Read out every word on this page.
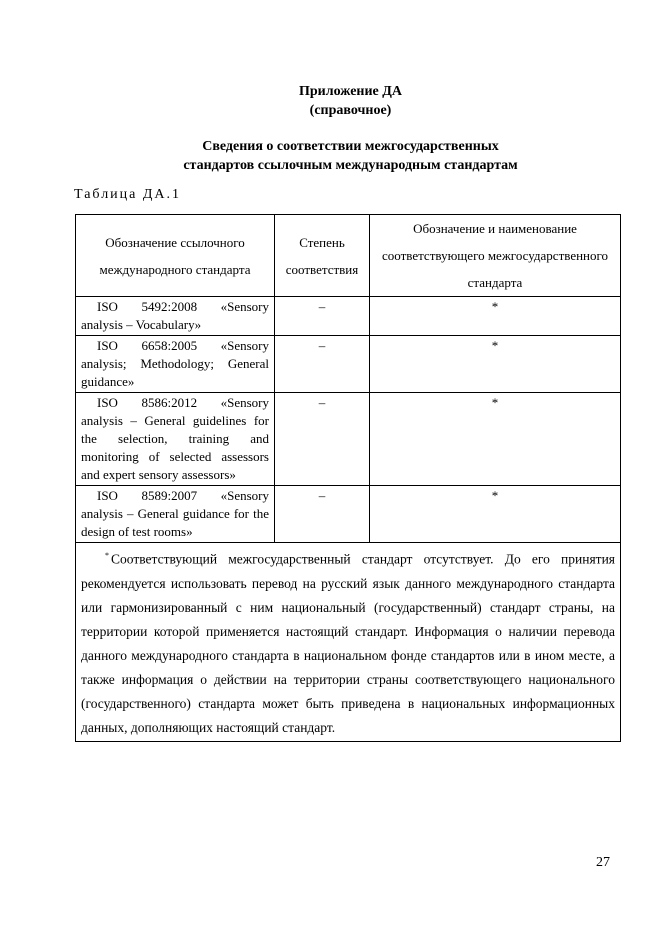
Приложение ДА
(справочное)
Сведения о соответствии межгосударственных
стандартов ссылочным международным стандартам
Таблица ДА.1
Обозначение ссылочного международного стандарта	Степень соответствия	Обозначение и наименование соответствующего межгосударственного стандарта
ISO 5492:2008 «Sensory analysis – Vocabulary»	–	*
ISO 6658:2005 «Sensory analysis; Methodology; General guidance»	–	*
ISO 8586:2012 «Sensory analysis – General guidelines for the selection, training and monitoring of selected assessors and expert sensory assessors»	–	*
ISO 8589:2007 «Sensory analysis – General guidance for the design of test rooms»	–	*
* Соответствующий межгосударственный стандарт отсутствует. До его принятия рекомендуется использовать перевод на русский язык данного международного стандарта или гармонизированный с ним национальный (государственный) стандарт страны, на территории которой применяется настоящий стандарт. Информация о наличии перевода данного международного стандарта в национальном фонде стандартов или в ином месте, а также информация о действии на территории страны соответствующего национального (государственного) стандарта может быть приведена в национальных информационных данных, дополняющих настоящий стандарт.		
27
